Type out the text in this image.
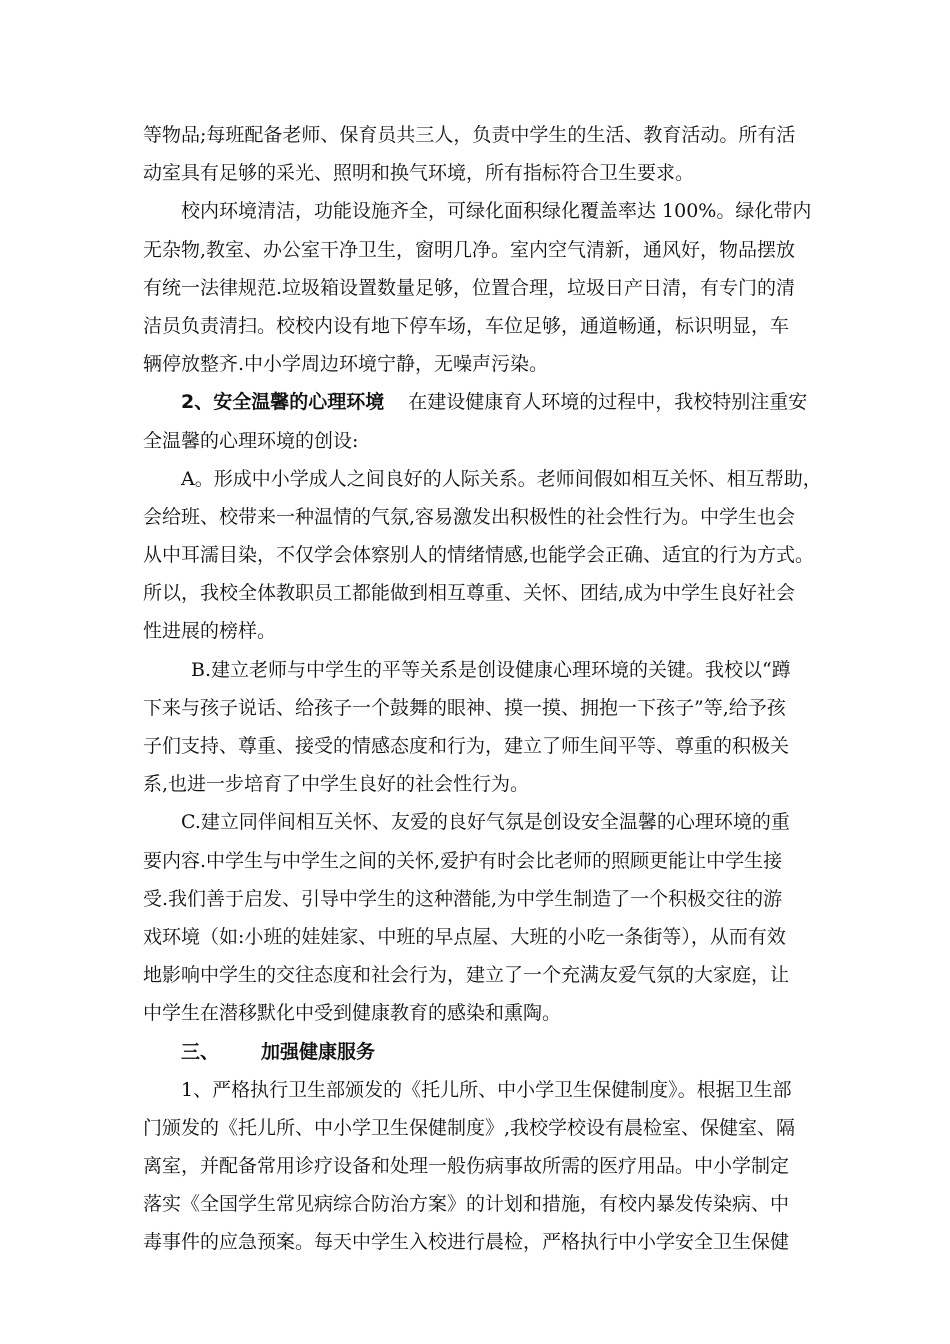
等物品;每班配备老师、保育员共三人，负责中学生的生活、教育活动。所有活
动室具有足够的采光、照明和换气环境，所有指标符合卫生要求。
校内环境清洁，功能设施齐全，可绿化面积绿化覆盖率达 100%。绿化带内
无杂物,教室、办公室干净卫生，窗明几净。室内空气清新，通风好，物品摆放
有统一法律规范.垃圾箱设置数量足够，位置合理，垃圾日产日清，有专门的清
洁员负责清扫。校校内设有地下停车场，车位足够，通道畅通，标识明显，车
辆停放整齐.中小学周边环境宁静，无噪声污染。
2、安全温馨的心理环境 在建设健康育人环境的过程中，我校特别注重安
全温馨的心理环境的创设:
A。形成中小学成人之间良好的人际关系。老师间假如相互关怀、相互帮助，
会给班、校带来一种温情的气氛,容易激发出积极性的社会性行为。中学生也会
从中耳濡目染，不仅学会体察别人的情绪情感,也能学会正确、适宜的行为方式。
所以，我校全体教职员工都能做到相互尊重、关怀、团结,成为中学生良好社会
性进展的榜样。
B.建立老师与中学生的平等关系是创设健康心理环境的关键。我校以“蹲
下来与孩子说话、给孩子一个鼓舞的眼神、摸一摸、拥抱一下孩子”等,给予孩
子们支持、尊重、接受的情感态度和行为，建立了师生间平等、尊重的积极关
系,也进一步培育了中学生良好的社会性行为。
C.建立同伴间相互关怀、友爱的良好气氛是创设安全温馨的心理环境的重
要内容.中学生与中学生之间的关怀,爱护有时会比老师的照顾更能让中学生接
受.我们善于启发、引导中学生的这种潜能,为中学生制造了一个积极交往的游
戏环境（如:小班的娃娃家、中班的早点屋、大班的小吃一条街等），从而有效
地影响中学生的交往态度和社会行为，建立了一个充满友爱气氛的大家庭，让
中学生在潜移默化中受到健康教育的感染和熏陶。
三、 加强健康服务
1、严格执行卫生部颁发的《托儿所、中小学卫生保健制度》。根据卫生部
门颁发的《托儿所、中小学卫生保健制度》,我校学校设有晨检室、保健室、隔
离室，并配备常用诊疗设备和处理一般伤病事故所需的医疗用品。中小学制定
落实《全国学生常见病综合防治方案》的计划和措施，有校内暴发传染病、中
毒事件的应急预案。每天中学生入校进行晨检，严格执行中小学安全卫生保健
